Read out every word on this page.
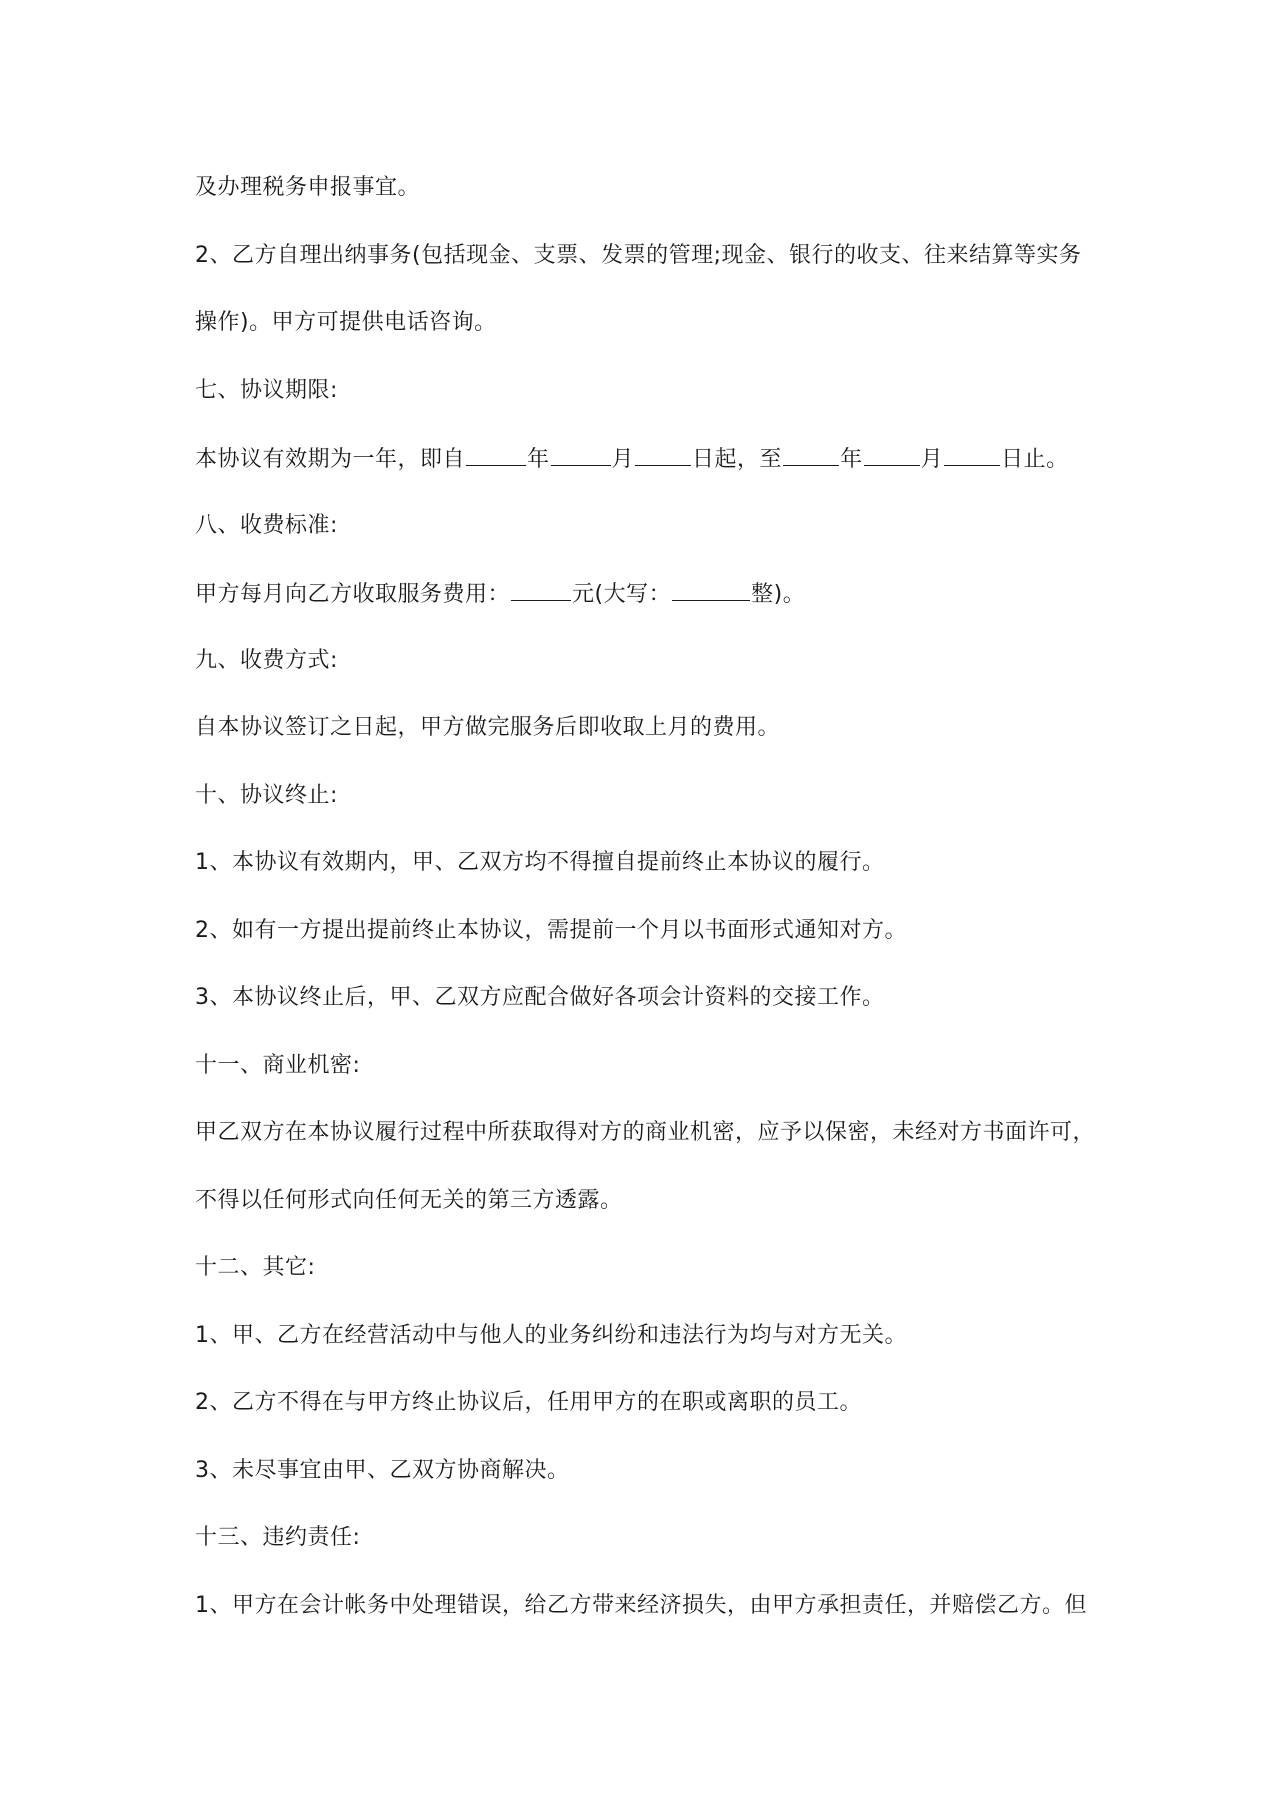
及办理税务申报事宜。
2、乙方自理出纳事务(包括现金、支票、发票的管理;现金、银行的收支、往来结算等实务
操作)。甲方可提供电话咨询。
七、协议期限:
本协议有效期为一年，即自	年	月	日起，至	年	月	日止。
八、收费标准:
甲方每月向乙方收取服务费用：	元(大写：	整)。
九、收费方式:
自本协议签订之日起，甲方做完服务后即收取上月的费用。
十、协议终止:
1、本协议有效期内，甲、乙双方均不得擅自提前终止本协议的履行。
2、如有一方提出提前终止本协议，需提前一个月以书面形式通知对方。
3、本协议终止后，甲、乙双方应配合做好各项会计资料的交接工作。
十一、商业机密:
甲乙双方在本协议履行过程中所获取得对方的商业机密，应予以保密，未经对方书面许可，
不得以任何形式向任何无关的第三方透露。
十二、其它:
1、甲、乙方在经营活动中与他人的业务纠纷和违法行为均与对方无关。
2、乙方不得在与甲方终止协议后，任用甲方的在职或离职的员工。
3、未尽事宜由甲、乙双方协商解决。
十三、违约责任:
1、甲方在会计帐务中处理错误，给乙方带来经济损失，由甲方承担责任，并赔偿乙方。但
